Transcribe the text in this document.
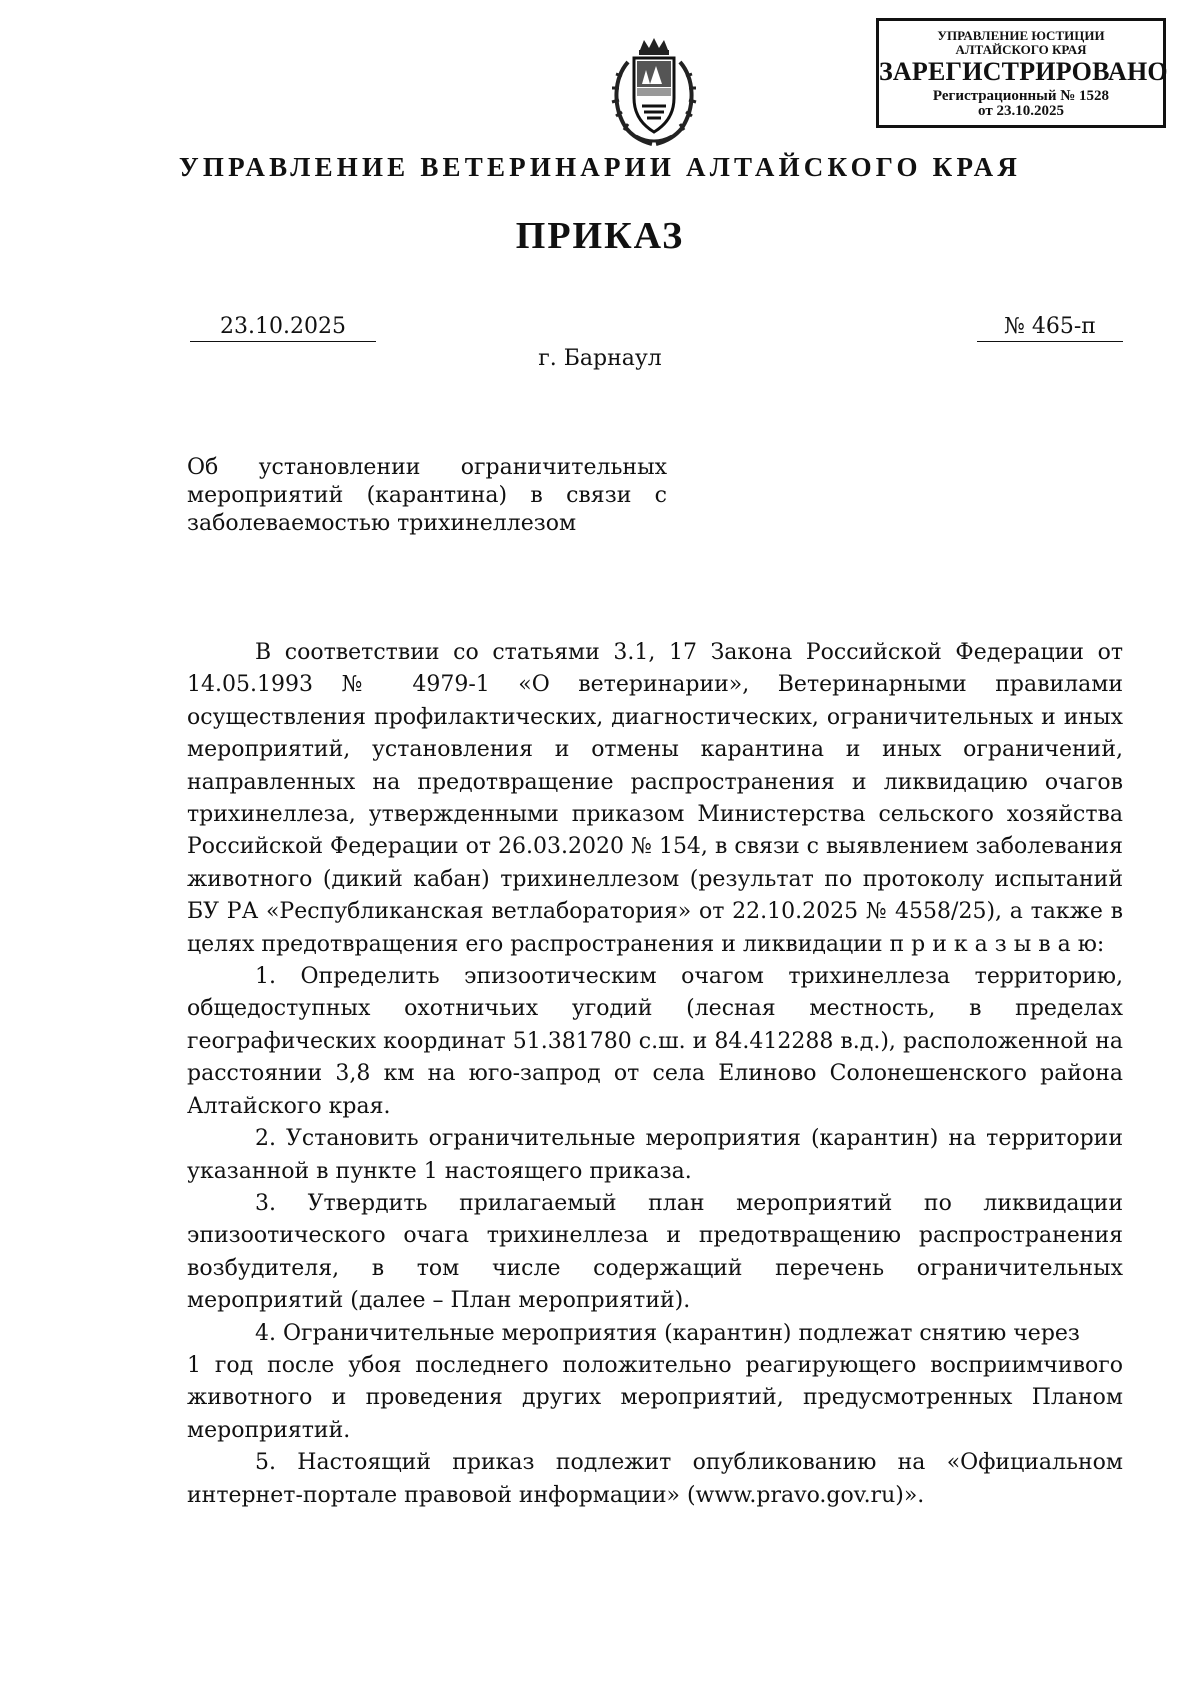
УПРАВЛЕНИЕ ЮСТИЦИИ
АЛТАЙСКОГО КРАЯ
ЗАРЕГИСТРИРОВАНО
Регистрационный № 1528
от 23.10.2025
УПРАВЛЕНИЕ ВЕТЕРИНАРИИ АЛТАЙСКОГО КРАЯ
ПРИКАЗ
23.10.2025	№ 465-п
г. Барнаул
Об установлении ограничительных
мероприятий (карантина) в связи с
заболеваемостью трихинеллезом

В соответствии со статьями 3.1, 17 Закона Российской Федерации от 14.05.1993 № 4979-1 «О ветеринарии», Ветеринарными правилами осуществления профилактических, диагностических, ограничительных и иных мероприятий, установления и отмены карантина и иных ограничений, направленных на предотвращение распространения и ликвидацию очагов трихинеллеза, утвержденными приказом Министерства сельского хозяйства Российской Федерации от 26.03.2020 № 154, в связи с выявлением заболевания животного (дикий кабан) трихинеллезом (результат по протоколу испытаний БУ РА «Республиканская ветлаборатория» от 22.10.2025 № 4558/25), а также в целях предотвращения его распространения и ликвидации п р и к а з ы в а ю:

1. Определить эпизоотическим очагом трихинеллеза территорию, общедоступных охотничьих угодий (лесная местность, в пределах географических координат 51.381780 с.ш. и 84.412288 в.д.), расположенной на расстоянии 3,8 км на юго-запрод от села Елиново Солонешенского района Алтайского края.

2. Установить ограничительные мероприятия (карантин) на территории указанной в пункте 1 настоящего приказа.

3. Утвердить прилагаемый план мероприятий по ликвидации эпизоотического очага трихинеллеза и предотвращению распространения возбудителя, в том числе содержащий перечень ограничительных мероприятий (далее – План мероприятий).

4. Ограничительные мероприятия (карантин) подлежат снятию через

1 год после убоя последнего положительно реагирующего восприимчивого животного и проведения других мероприятий, предусмотренных Планом мероприятий.

5. Настоящий приказ подлежит опубликованию на «Официальном интернет-портале правовой информации» (www.pravo.gov.ru)».
